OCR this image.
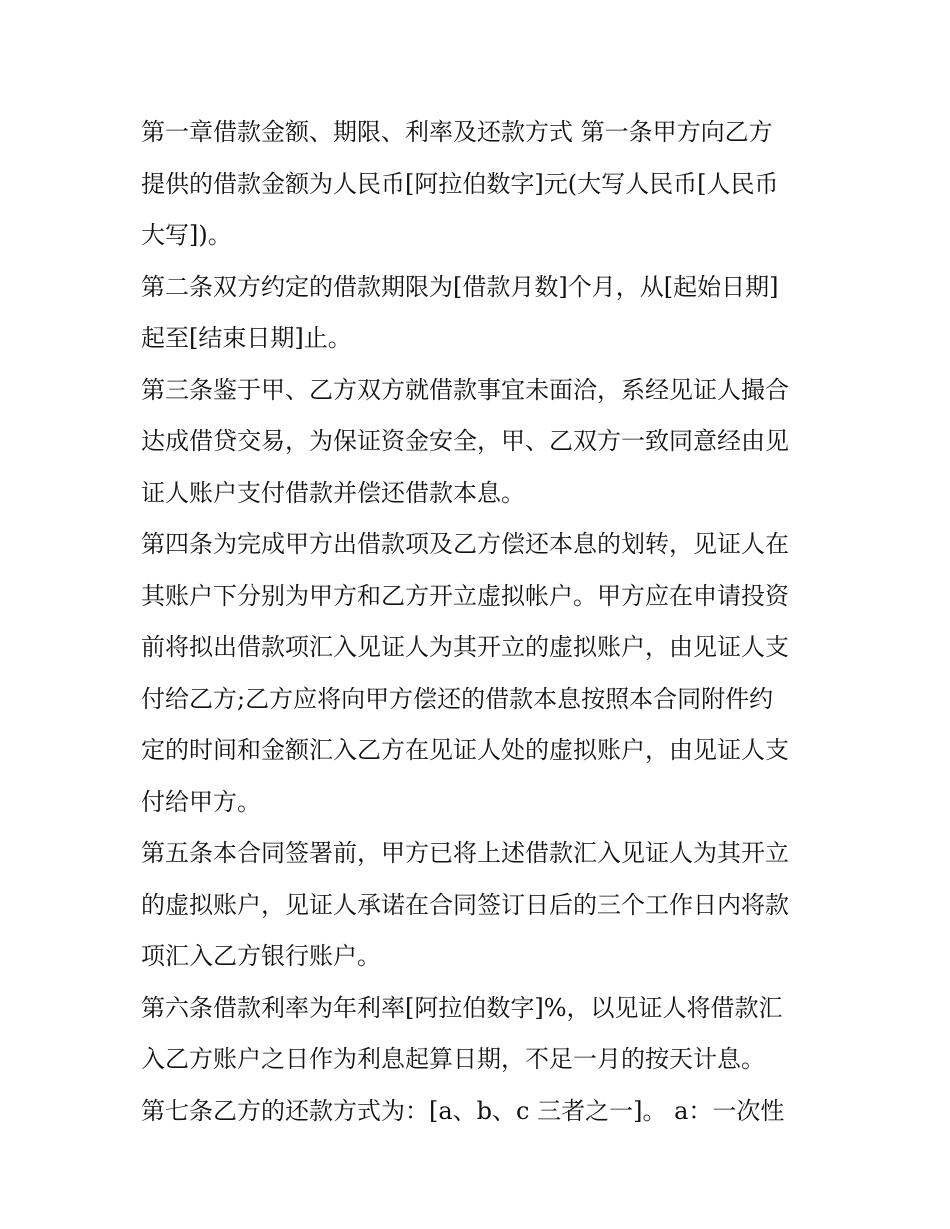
第一章借款金额、期限、利率及还款方式 第一条甲方向乙方
提供的借款金额为人民币[阿拉伯数字]元(大写人民币[人民币
大写])。

第二条双方约定的借款期限为[借款月数]个月，从[起始日期]
起至[结束日期]止。

第三条鉴于甲、乙方双方就借款事宜未面洽，系经见证人撮合
达成借贷交易，为保证资金安全，甲、乙双方一致同意经由见
证人账户支付借款并偿还借款本息。

第四条为完成甲方出借款项及乙方偿还本息的划转，见证人在
其账户下分别为甲方和乙方开立虚拟帐户。甲方应在申请投资
前将拟出借款项汇入见证人为其开立的虚拟账户，由见证人支
付给乙方;乙方应将向甲方偿还的借款本息按照本合同附件约
定的时间和金额汇入乙方在见证人处的虚拟账户，由见证人支
付给甲方。

第五条本合同签署前，甲方已将上述借款汇入见证人为其开立
的虚拟账户，见证人承诺在合同签订日后的三个工作日内将款
项汇入乙方银行账户。

第六条借款利率为年利率[阿拉伯数字]%，以见证人将借款汇
入乙方账户之日作为利息起算日期，不足一月的按天计息。

第七条乙方的还款方式为：[a、b、c 三者之一]。 a：一次性
